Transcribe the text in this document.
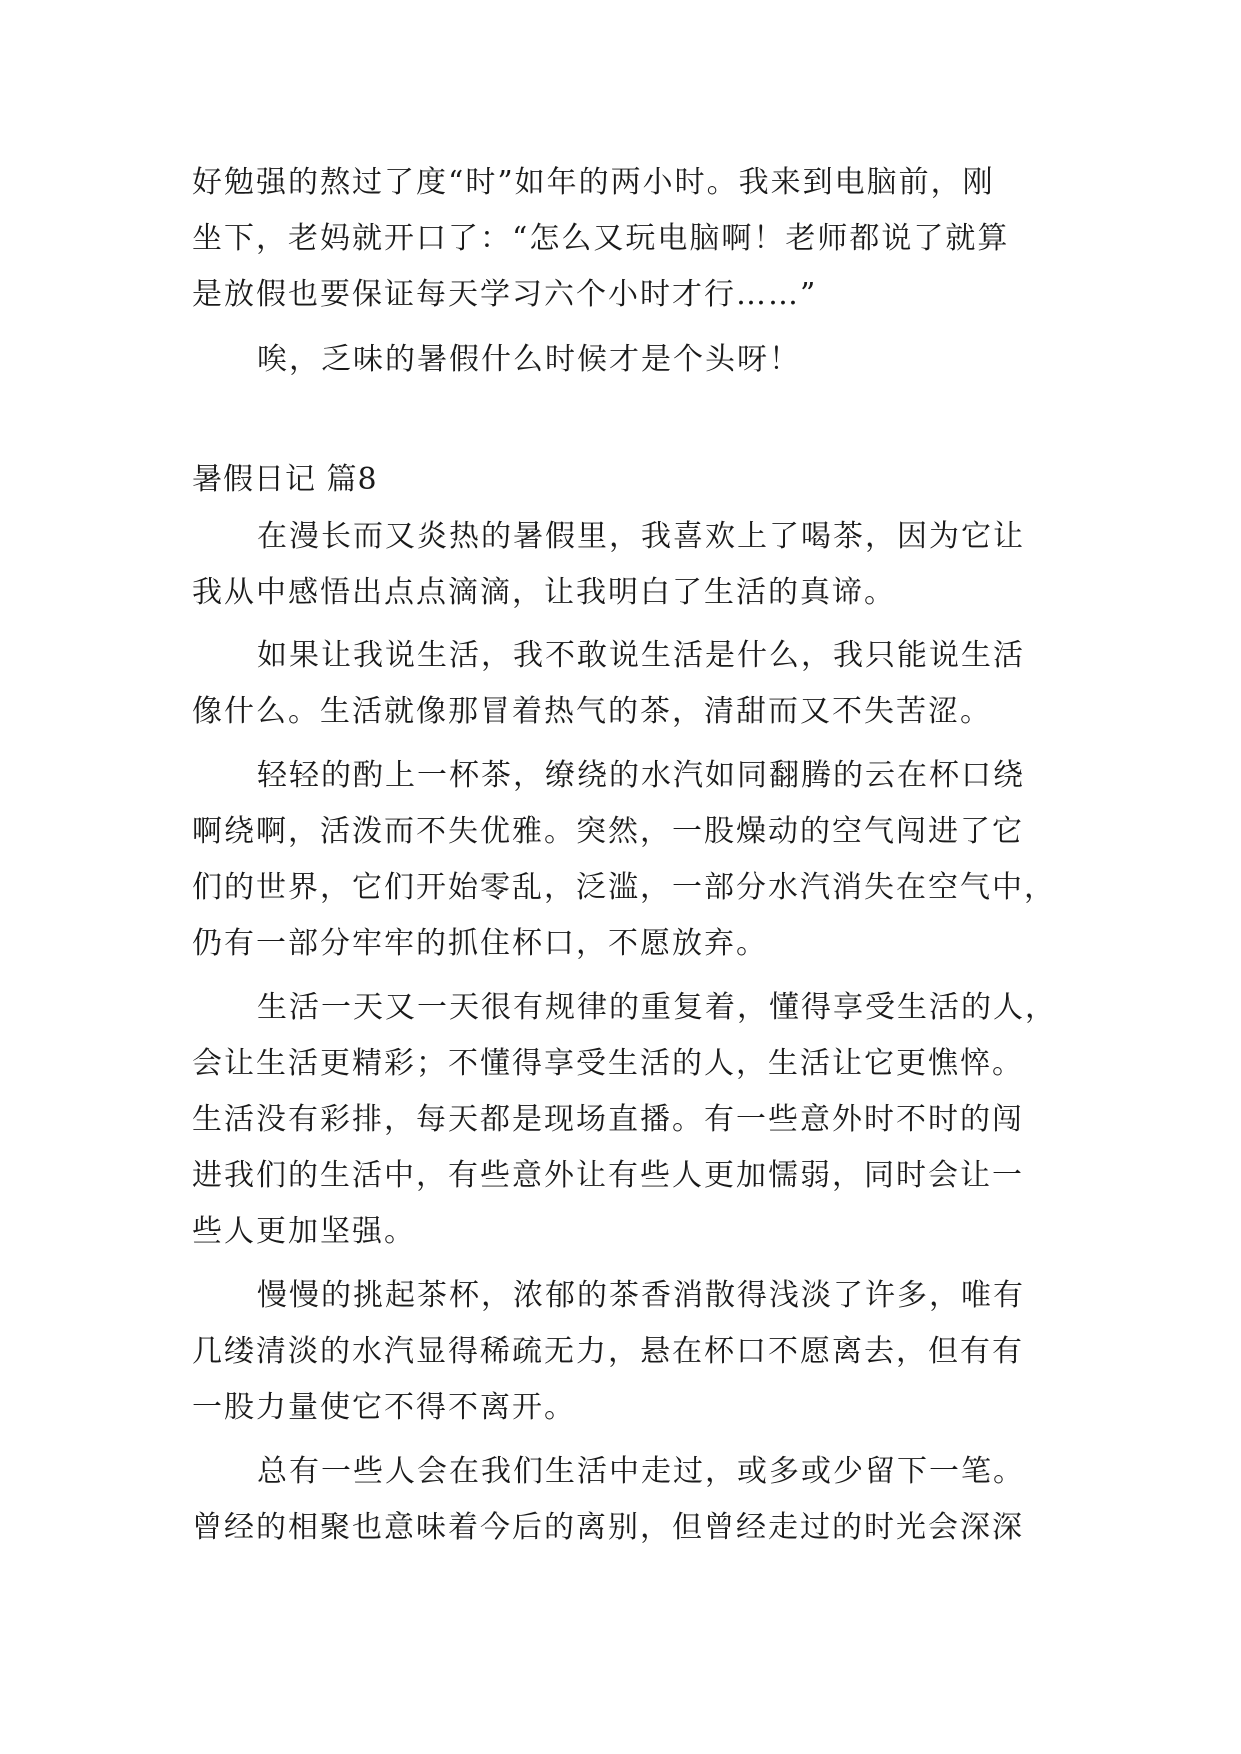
好勉强的熬过了度“时”如年的两小时。我来到电脑前，刚
坐下，老妈就开口了：“怎么又玩电脑啊！老师都说了就算
是放假也要保证每天学习六个小时才行……”
唉，乏味的暑假什么时候才是个头呀！
暑假日记 篇8
在漫长而又炎热的暑假里，我喜欢上了喝茶，因为它让
我从中感悟出点点滴滴，让我明白了生活的真谛。
如果让我说生活，我不敢说生活是什么，我只能说生活
像什么。生活就像那冒着热气的茶，清甜而又不失苦涩。
轻轻的酌上一杯茶，缭绕的水汽如同翻腾的云在杯口绕
啊绕啊，活泼而不失优雅。突然，一股燥动的空气闯进了它
们的世界，它们开始零乱，泛滥，一部分水汽消失在空气中，
仍有一部分牢牢的抓住杯口，不愿放弃。
生活一天又一天很有规律的重复着，懂得享受生活的人，
会让生活更精彩；不懂得享受生活的人，生活让它更憔悴。
生活没有彩排，每天都是现场直播。有一些意外时不时的闯
进我们的生活中，有些意外让有些人更加懦弱，同时会让一
些人更加坚强。
慢慢的挑起茶杯，浓郁的茶香消散得浅淡了许多，唯有
几缕清淡的水汽显得稀疏无力，悬在杯口不愿离去，但有有
一股力量使它不得不离开。
总有一些人会在我们生活中走过，或多或少留下一笔。
曾经的相聚也意味着今后的离别，但曾经走过的时光会深深
